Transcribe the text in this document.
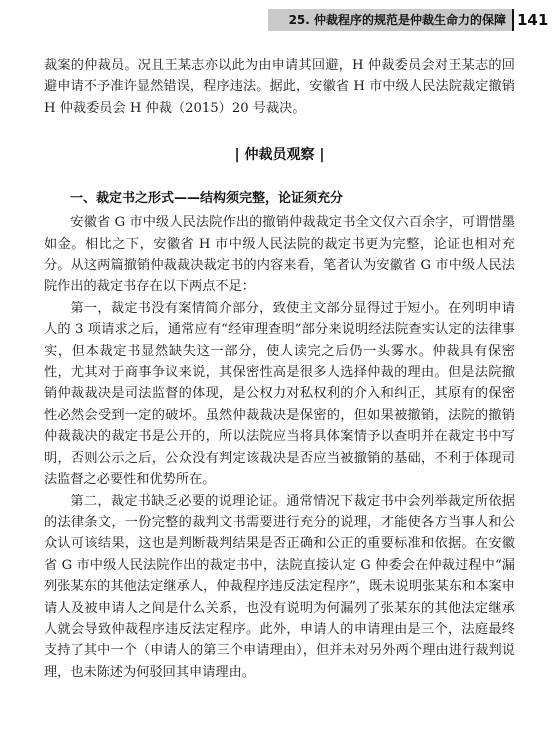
25. 仲裁程序的规范是仲裁生命力的保障 141

裁案的仲裁员。况且王某志亦以此为由申请其回避，H 仲裁委员会对王某志的回避申请不予准许显然错误，程序违法。据此，安徽省 H 市中级人民法院裁定撤销 H 仲裁委员会 H 仲裁（2015）20 号裁决。

| 仲裁员观察 |
一、裁定书之形式——结构须完整，论证须充分

安徽省 G 市中级人民法院作出的撤销仲裁裁定书全文仅六百余字，可谓惜墨如金。相比之下，安徽省 H 市中级人民法院的裁定书更为完整，论证也相对充分。从这两篇撤销仲裁裁决裁定书的内容来看，笔者认为安徽省 G 市中级人民法院作出的裁定书存在以下两点不足：

第一，裁定书没有案情简介部分，致使主文部分显得过于短小。在列明申请人的 3 项请求之后，通常应有“经审理查明”部分来说明经法院查实认定的法律事实，但本裁定书显然缺失这一部分，使人读完之后仍一头雾水。仲裁具有保密性，尤其对于商事争议来说，其保密性高是很多人选择仲裁的理由。但是法院撤销仲裁裁决是司法监督的体现，是公权力对私权利的介入和纠正，其原有的保密性必然会受到一定的破坏。虽然仲裁裁决是保密的，但如果被撤销，法院的撤销仲裁裁决的裁定书是公开的，所以法院应当将具体案情予以查明并在裁定书中写明，否则公示之后，公众没有判定该裁决是否应当被撤销的基础，不利于体现司法监督之必要性和优势所在。

第二，裁定书缺乏必要的说理论证。通常情况下裁定书中会列举裁定所依据的法律条文，一份完整的裁判文书需要进行充分的说理，才能使各方当事人和公众认可该结果，这也是判断裁判结果是否正确和公正的重要标准和依据。在安徽省 G 市中级人民法院作出的裁定书中，法院直接认定 G 仲委会在仲裁过程中“漏列张某东的其他法定继承人，仲裁程序违反法定程序”，既未说明张某东和本案申请人及被申请人之间是什么关系，也没有说明为何漏列了张某东的其他法定继承人就会导致仲裁程序违反法定程序。此外，申请人的申请理由是三个，法庭最终支持了其中一个（申请人的第三个申请理由），但并未对另外两个理由进行裁判说理，也未陈述为何驳回其申请理由。
